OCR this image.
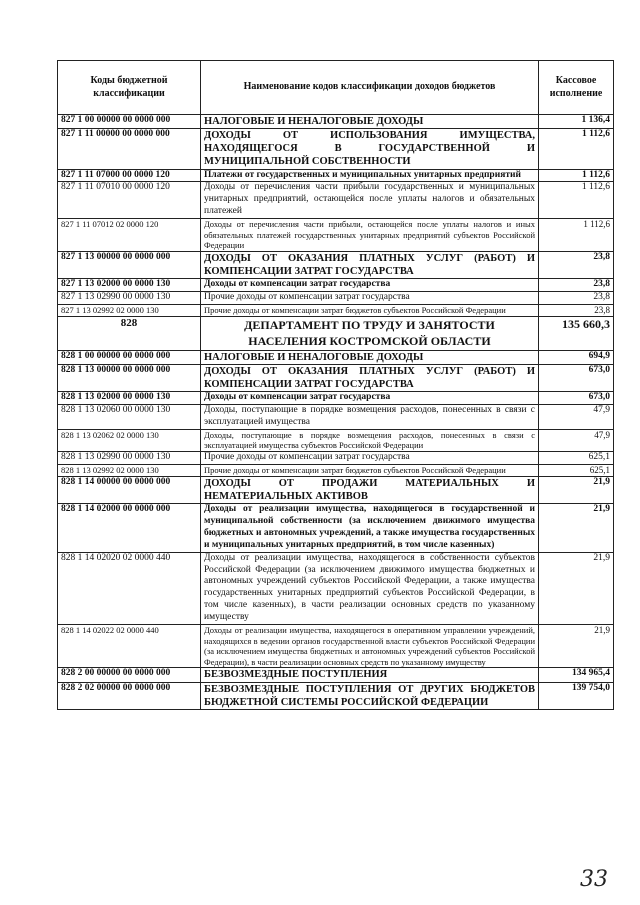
Коды бюджетной классификации	Наименование кодов классификации доходов бюджетов	Кассовое исполнение
827 1 00 00000 00 0000 000	НАЛОГОВЫЕ И НЕНАЛОГОВЫЕ ДОХОДЫ	1 136,4
827 1 11 00000 00 0000 000	ДОХОДЫ ОТ ИСПОЛЬЗОВАНИЯ ИМУЩЕСТВА, НАХОДЯЩЕГОСЯ В ГОСУДАРСТВЕННОЙ И МУНИЦИПАЛЬНОЙ СОБСТВЕННОСТИ	1 112,6
827 1 11 07000 00 0000 120	Платежи от государственных и муниципальных унитарных предприятий	1 112,6
827 1 11 07010 00 0000 120	Доходы от перечисления части прибыли государственных и муниципальных унитарных предприятий, остающейся после уплаты налогов и обязательных платежей	1 112,6
827 1 11 07012 02 0000 120	Доходы от перечисления части прибыли, остающейся после уплаты налогов и иных обязательных платежей государственных унитарных предприятий субъектов Российской Федерации	1 112,6
827 1 13 00000 00 0000 000	ДОХОДЫ ОТ ОКАЗАНИЯ ПЛАТНЫХ УСЛУГ (РАБОТ) И КОМПЕНСАЦИИ ЗАТРАТ ГОСУДАРСТВА	23,8
827 1 13 02000 00 0000 130	Доходы от компенсации затрат государства	23,8
827 1 13 02990 00 0000 130	Прочие доходы от компенсации затрат государства	23,8
827 1 13 02992 02 0000 130	Прочие доходы от компенсации затрат бюджетов субъектов Российской Федерации	23,8
828	ДЕПАРТАМЕНТ ПО ТРУДУ И ЗАНЯТОСТИ НАСЕЛЕНИЯ КОСТРОМСКОЙ ОБЛАСТИ	135 660,3
828 1 00 00000 00 0000 000	НАЛОГОВЫЕ И НЕНАЛОГОВЫЕ ДОХОДЫ	694,9
828 1 13 00000 00 0000 000	ДОХОДЫ ОТ ОКАЗАНИЯ ПЛАТНЫХ УСЛУГ (РАБОТ) И КОМПЕНСАЦИИ ЗАТРАТ ГОСУДАРСТВА	673,0
828 1 13 02000 00 0000 130	Доходы от компенсации затрат государства	673,0
828 1 13 02060 00 0000 130	Доходы, поступающие в порядке возмещения расходов, понесенных в связи с эксплуатацией имущества	47,9
828 1 13 02062 02 0000 130	Доходы, поступающие в порядке возмещения расходов, понесенных в связи с эксплуатацией имущества субъектов Российской Федерации	47,9
828 1 13 02990 00 0000 130	Прочие доходы от компенсации затрат государства	625,1
828 1 13 02992 02 0000 130	Прочие доходы от компенсации затрат бюджетов субъектов Российской Федерации	625,1
828 1 14 00000 00 0000 000	ДОХОДЫ ОТ ПРОДАЖИ МАТЕРИАЛЬНЫХ И НЕМАТЕРИАЛЬНЫХ АКТИВОВ	21,9
828 1 14 02000 00 0000 000	Доходы от реализации имущества, находящегося в государственной и муниципальной собственности (за исключением движимого имущества бюджетных и автономных учреждений, а также имущества государственных и муниципальных унитарных предприятий, в том числе казенных)	21,9
828 1 14 02020 02 0000 440	Доходы от реализации имущества, находящегося в собственности субъектов Российской Федерации (за исключением движимого имущества бюджетных и автономных учреждений субъектов Российской Федерации, а также имущества государственных унитарных предприятий субъектов Российской Федерации, в том числе казенных), в части реализации основных средств по указанному имуществу	21,9
828 1 14 02022 02 0000 440	Доходы от реализации имущества, находящегося в оперативном управлении учреждений, находящихся в ведении органов государственной власти субъектов Российской Федерации (за исключением имущества бюджетных и автономных учреждений субъектов Российской Федерации), в части реализации основных средств по указанному имуществу	21,9
828 2 00 00000 00 0000 000	БЕЗВОЗМЕЗДНЫЕ ПОСТУПЛЕНИЯ	134 965,4
828 2 02 00000 00 0000 000	БЕЗВОЗМЕЗДНЫЕ ПОСТУПЛЕНИЯ ОТ ДРУГИХ БЮДЖЕТОВ БЮДЖЕТНОЙ СИСТЕМЫ РОССИЙСКОЙ ФЕДЕРАЦИИ	139 754,0
33
